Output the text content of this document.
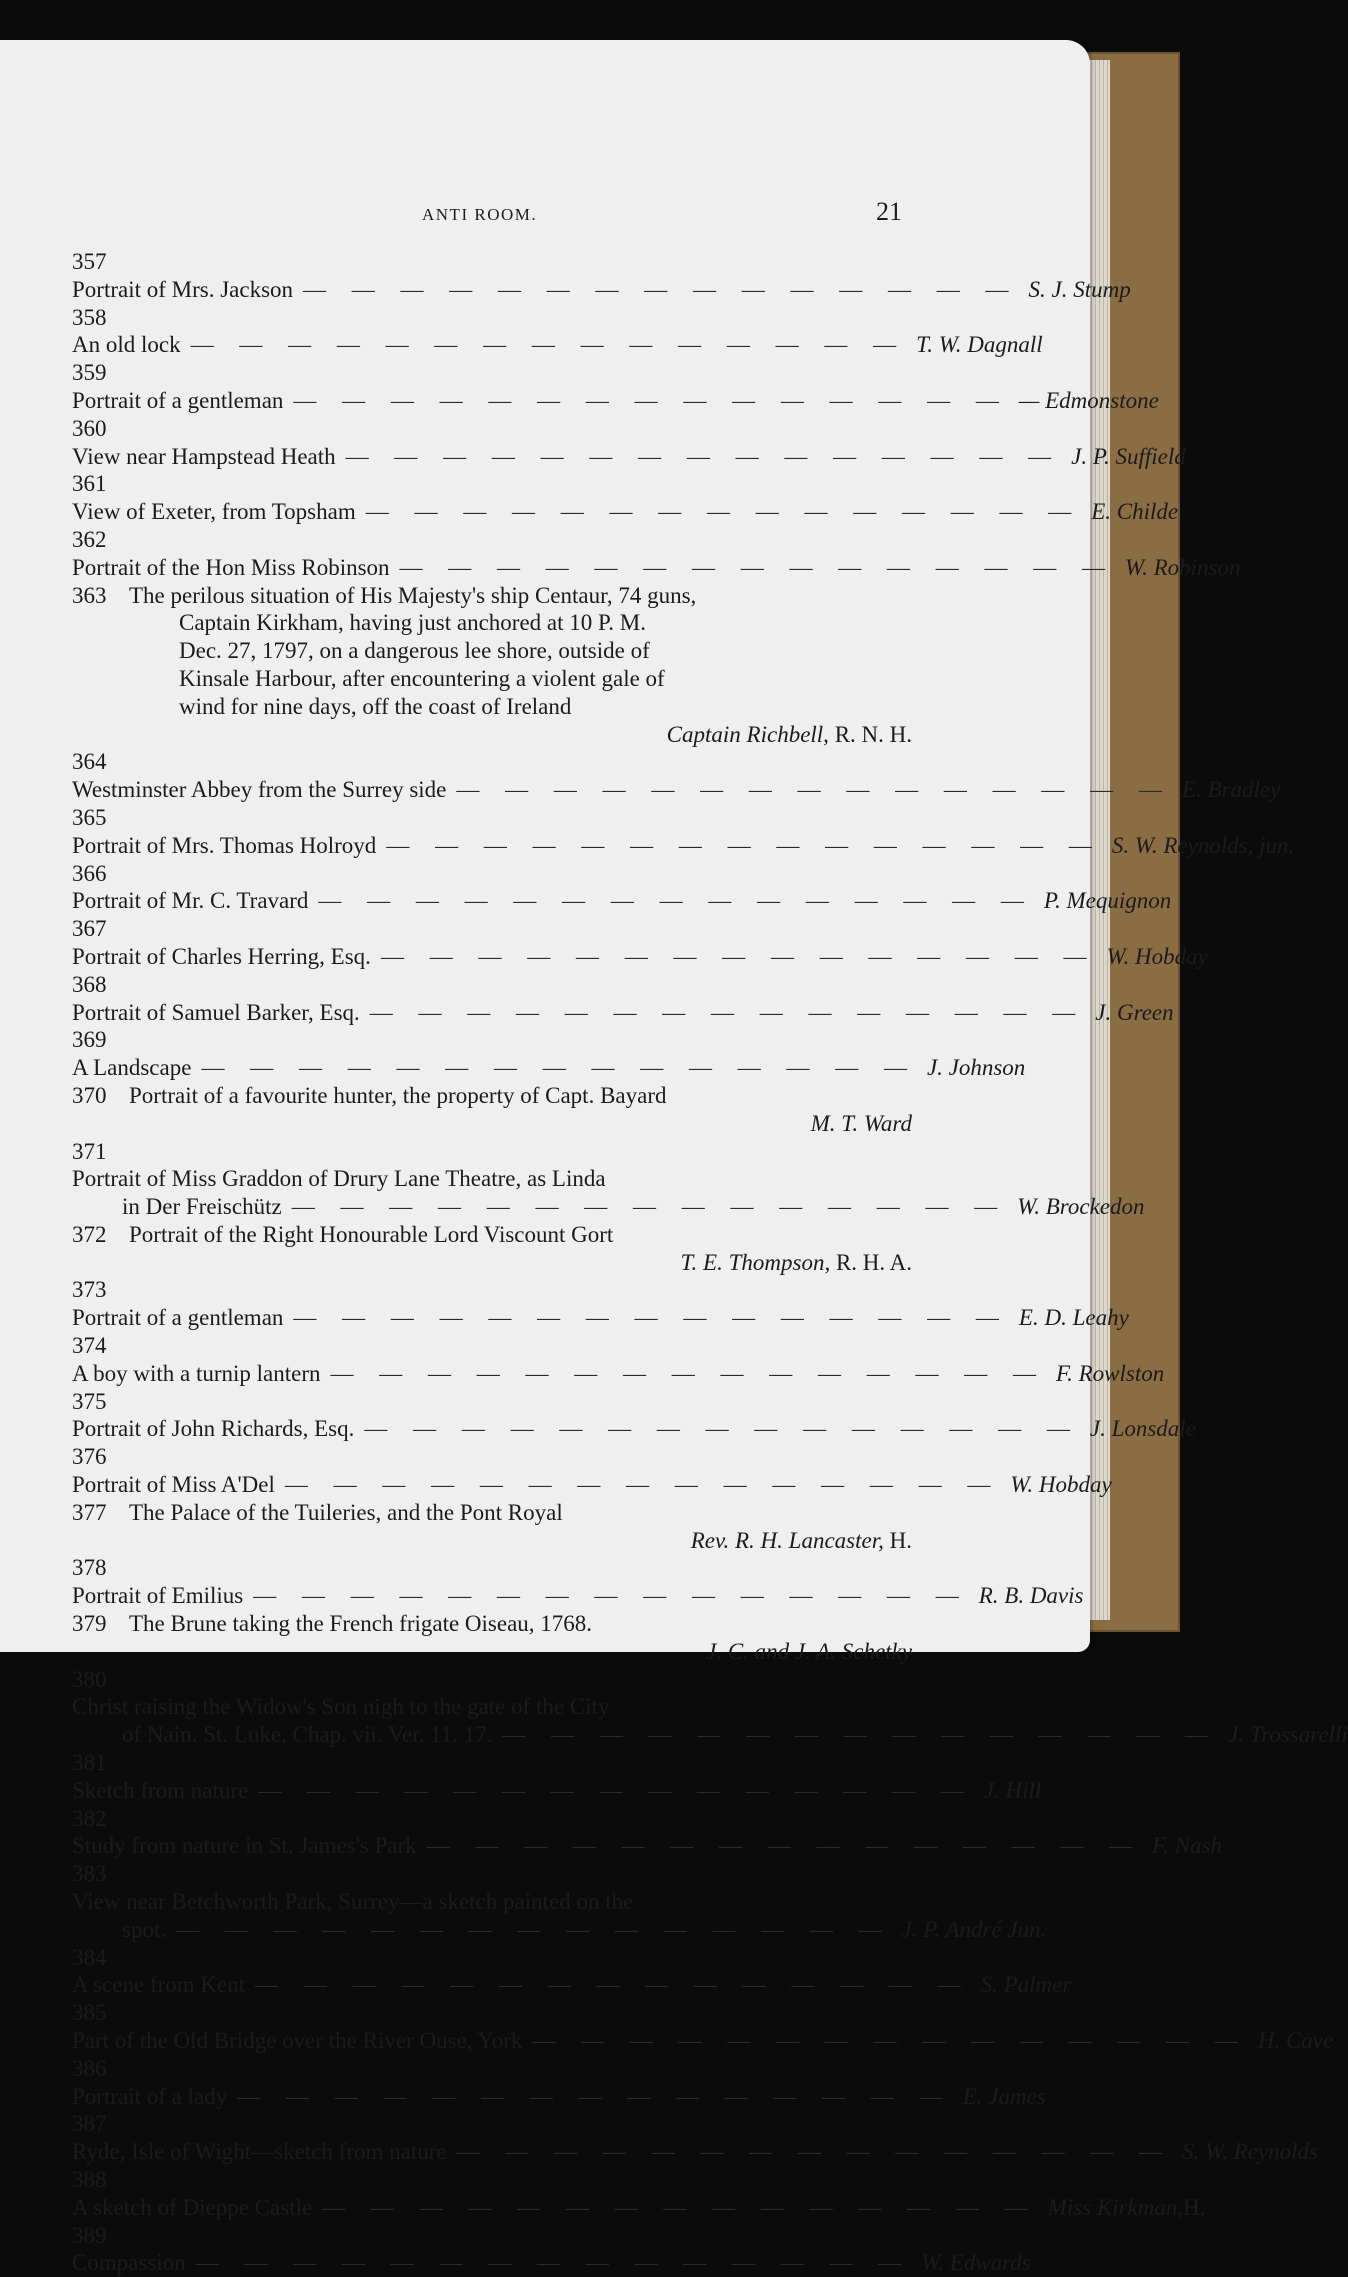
ANTI ROOM.	21
357
Portrait of Mrs. Jackson — — — — — — — — — — — — — — — S. J. Stump
358
An old lock — — — — — — — — — — — — — — — T. W. Dagnall
359
Portrait of a gentleman — — — — — — — — — — — — — — — — Edmonstone
360
View near Hampstead Heath — — — — — — — — — — — — — — — J. P. Suffield
361
View of Exeter, from Topsham — — — — — — — — — — — — — — — E. Childe
362
Portrait of the Hon Miss Robinson — — — — — — — — — — — — — — — W. Robinson
363 The perilous situation of His Majesty's ship Centaur, 74 guns,
Captain Kirkham, having just anchored at 10 P. M.
Dec. 27, 1797, on a dangerous lee shore, outside of
Kinsale Harbour, after encountering a violent gale of
wind for nine days, off the coast of Ireland
Captain Richbell, R. N. H.
364
Westminster Abbey from the Surrey side — — — — — — — — — — — — — — — E. Bradley
365
Portrait of Mrs. Thomas Holroyd — — — — — — — — — — — — — — — S. W. Reynolds, jun.
366
Portrait of Mr. C. Travard — — — — — — — — — — — — — — — P. Mequignon
367
Portrait of Charles Herring, Esq. — — — — — — — — — — — — — — — W. Hobday
368
Portrait of Samuel Barker, Esq. — — — — — — — — — — — — — — — J. Green
369
A Landscape — — — — — — — — — — — — — — — J. Johnson
370 Portrait of a favourite hunter, the property of Capt. Bayard
M. T. Ward
371
Portrait of Miss Graddon of Drury Lane Theatre, as Linda
in Der Freischütz — — — — — — — — — — — — — — — W. Brockedon
372 Portrait of the Right Honourable Lord Viscount Gort
T. E. Thompson, R. H. A.
373
Portrait of a gentleman — — — — — — — — — — — — — — — E. D. Leahy
374
A boy with a turnip lantern — — — — — — — — — — — — — — — F. Rowlston
375
Portrait of John Richards, Esq. — — — — — — — — — — — — — — — J. Lonsdale
376
Portrait of Miss A'Del — — — — — — — — — — — — — — — W. Hobday
377 The Palace of the Tuileries, and the Pont Royal
Rev. R. H. Lancaster, H.
378
Portrait of Emilius — — — — — — — — — — — — — — — R. B. Davis
379 The Brune taking the French frigate Oiseau, 1768.
J. C. and J. A. Schetky
380
Christ raising the Widow's Son nigh to the gate of the City
of Nain. St. Luke, Chap. vii. Ver. 11. 17. — — — — — — — — — — — — — — — J. Trossarelli
381
Sketch from nature — — — — — — — — — — — — — — — J. Hill
382
Study from nature in St. James's Park — — — — — — — — — — — — — — — F. Nash
383
View near Betchworth Park, Surrey—a sketch painted on the
spot. — — — — — — — — — — — — — — — J. P. André Jun.
384
A scene from Kent — — — — — — — — — — — — — — — S. Palmer
385
Part of the Old Bridge over the River Ouse, York — — — — — — — — — — — — — — — H. Cave
386
Portrait of a lady — — — — — — — — — — — — — — — E. James
387
Ryde, Isle of Wight—sketch from nature — — — — — — — — — — — — — — — S. W. Reynolds
388
A sketch of Dieppe Castle — — — — — — — — — — — — — — — Miss Kirkman, H.
389
Compassion — — — — — — — — — — — — — — — W. Edwards
